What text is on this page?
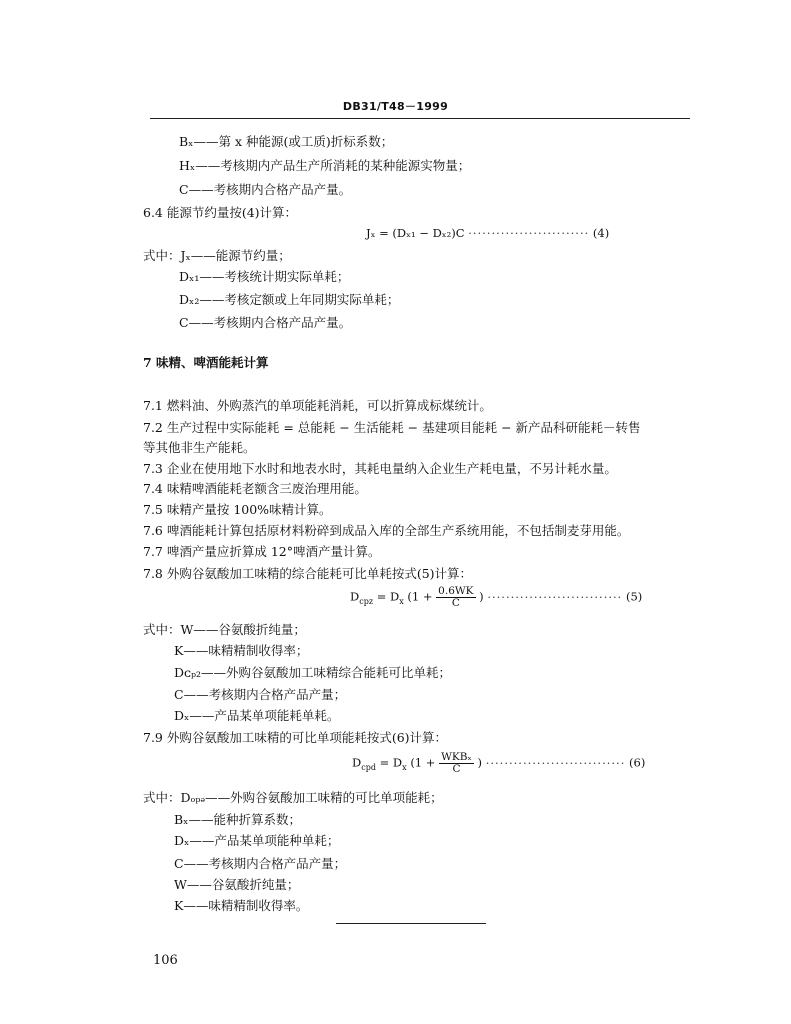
DB31/T48－1999
Bₓ——第 x 种能源(或工质)折标系数；
Hₓ——考核期内产品生产所消耗的某种能源实物量；
C——考核期内合格产品产量。
6.4 能源节约量按(4)计算：
Jₓ = (Dₓ₁ − Dₓ₂)C ·························· (4)
式中：Jₓ——能源节约量；
Dₓ₁——考核统计期实际单耗；
Dₓ₂——考核定额或上年同期实际单耗；
C——考核期内合格产品产量。
7 味精、啤酒能耗计算
7.1 燃料油、外购蒸汽的单项能耗消耗，可以折算成标煤统计。
7.2 生产过程中实际能耗 = 总能耗 − 生活能耗 − 基建项目能耗 − 新产品科研能耗－转售
等其他非生产能耗。
7.3 企业在使用地下水时和地表水时，其耗电量纳入企业生产耗电量，不另计耗水量。
7.4 味精啤酒能耗老额含三废治理用能。
7.5 味精产量按 100%味精计算。
7.6 啤酒能耗计算包括原材料粉碎到成品入库的全部生产系统用能，不包括制麦芽用能。
7.7 啤酒产量应折算成 12°啤酒产量计算。
7.8 外购谷氨酸加工味精的综合能耗可比单耗按式(5)计算：
$D_{cpz} = D_x$ ($1 + \frac{0.6WK}{C}$ ) ····························· (5)
式中：W——谷氨酸折纯量；
K——味精精制收得率；
Dᴄₚ₂——外购谷氨酸加工味精综合能耗可比单耗；
C——考核期内合格产品产量；
Dₓ——产品某单项能耗单耗。
7.9 外购谷氨酸加工味精的可比单项能耗按式(6)计算：
$D_{cpd} = D_x$ ($1 + \frac{\text{WKBₓ}}{C}$ ) ······························ (6)
式中：Dₒₚₔ——外购谷氨酸加工味精的可比单项能耗；
Bₓ——能种折算系数；
Dₓ——产品某单项能种单耗；
C——考核期内合格产品产量；
W——谷氨酸折纯量；
K——味精精制收得率。
106
